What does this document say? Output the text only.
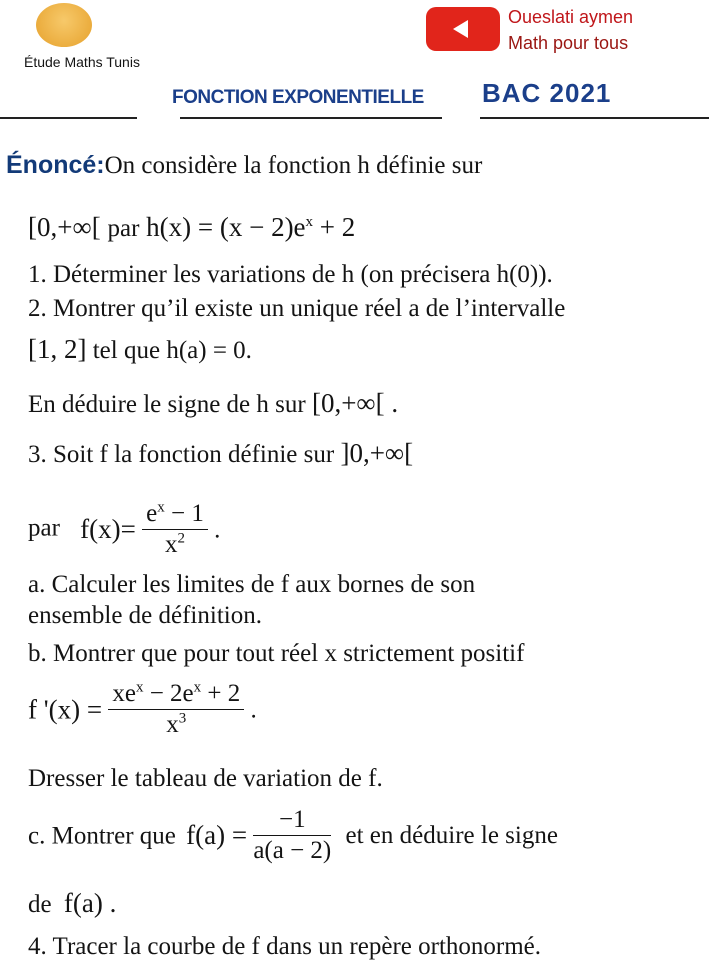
Étude Maths Tunis
Oueslati aymen
Math pour tous
FONCTION EXPONENTIELLE BAC 2021
Énoncé:On considère la fonction h définie sur
[0,+∞[ par $h(x) = (x - 2)e^x + 2$
1. Déterminer les variations de h (on précisera h(0)).
2. Montrer qu’il existe un unique réel a de l’intervalle
[1, 2] tel que h(a) = 0.
En déduire le signe de h sur [0,+∞[ .
3. Soit f la fonction définie sur ]0,+∞[
par $f(x)= \frac{e^x - 1}{x^2}$ .
a. Calculer les limites de f aux bornes de son
ensemble de définition.
b. Montrer que pour tout réel x strictement positif
f '$(x) = \frac{xe^x - 2e^x + 2}{x^3}$ .
Dresser le tableau de variation de f.
c. Montrer que $f(a) = \frac{-1}{a(a - 2)}$ et en déduire le signe
de f(a) .
4. Tracer la courbe de f dans un repère orthonormé.
